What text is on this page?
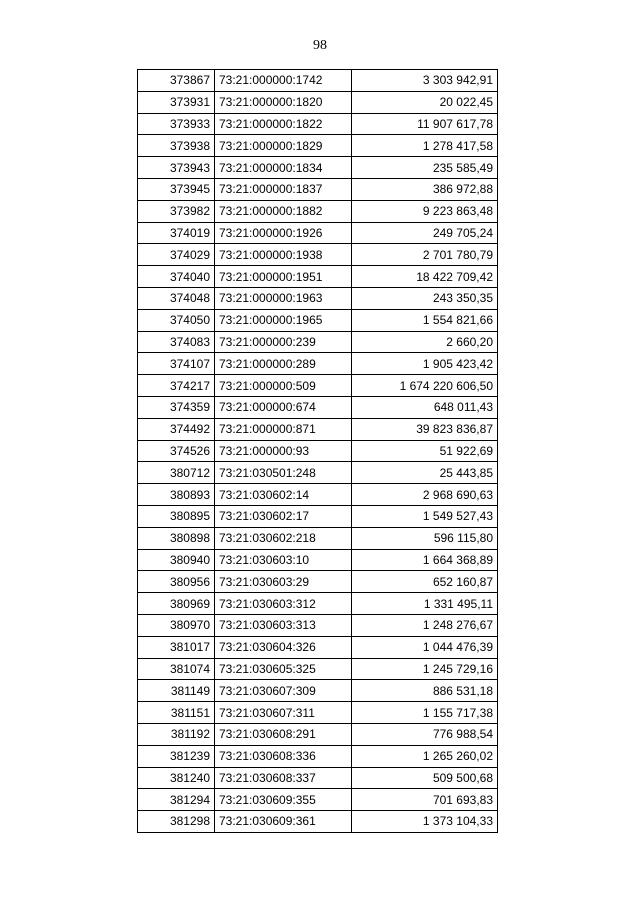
98
373867	73:21:000000:1742	3 303 942,91
373931	73:21:000000:1820	20 022,45
373933	73:21:000000:1822	11 907 617,78
373938	73:21:000000:1829	1 278 417,58
373943	73:21:000000:1834	235 585,49
373945	73:21:000000:1837	386 972,88
373982	73:21:000000:1882	9 223 863,48
374019	73:21:000000:1926	249 705,24
374029	73:21:000000:1938	2 701 780,79
374040	73:21:000000:1951	18 422 709,42
374048	73:21:000000:1963	243 350,35
374050	73:21:000000:1965	1 554 821,66
374083	73:21:000000:239	2 660,20
374107	73:21:000000:289	1 905 423,42
374217	73:21:000000:509	1 674 220 606,50
374359	73:21:000000:674	648 011,43
374492	73:21:000000:871	39 823 836,87
374526	73:21:000000:93	51 922,69
380712	73:21:030501:248	25 443,85
380893	73:21:030602:14	2 968 690,63
380895	73:21:030602:17	1 549 527,43
380898	73:21:030602:218	596 115,80
380940	73:21:030603:10	1 664 368,89
380956	73:21:030603:29	652 160,87
380969	73:21:030603:312	1 331 495,11
380970	73:21:030603:313	1 248 276,67
381017	73:21:030604:326	1 044 476,39
381074	73:21:030605:325	1 245 729,16
381149	73:21:030607:309	886 531,18
381151	73:21:030607:311	1 155 717,38
381192	73:21:030608:291	776 988,54
381239	73:21:030608:336	1 265 260,02
381240	73:21:030608:337	509 500,68
381294	73:21:030609:355	701 693,83
381298	73:21:030609:361	1 373 104,33
